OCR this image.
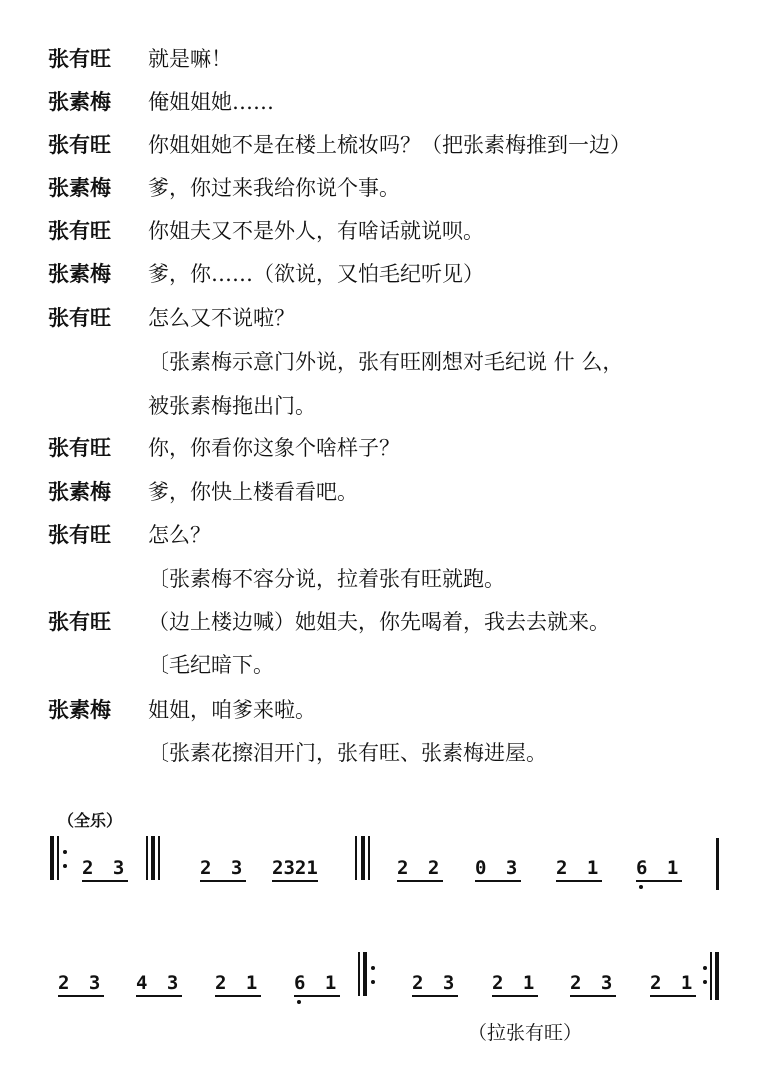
张有旺 就是嘛！
张素梅 俺姐姐她……
张有旺 你姐姐她不是在楼上梳妆吗？（把张素梅推到一边）
张素梅 爹，你过来我给你说个事。
张有旺 你姐夫又不是外人，有啥话就说呗。
张素梅 爹，你……（欲说，又怕毛纪听见）
张有旺 怎么又不说啦？
〔张素梅示意门外说，张有旺刚想对毛纪说 什 么，
被张素梅拖出门。
张有旺 你，你看你这象个啥样子？
张素梅 爹，你快上楼看看吧。
张有旺 怎么？
〔张素梅不容分说，拉着张有旺就跑。
张有旺 （边上楼边喊）她姐夫，你先喝着，我去去就来。
〔毛纪暗下。
张素梅 姐姐，咱爹来啦。
〔张素花擦泪开门，张有旺、张素梅进屋。
（全乐）
2 3	2 3 2321	2 2 0 3 2 1 6 1
2 3 4 3 2 1 6 1	2 3 2 1 2 3 2 1
（拉张有旺）
